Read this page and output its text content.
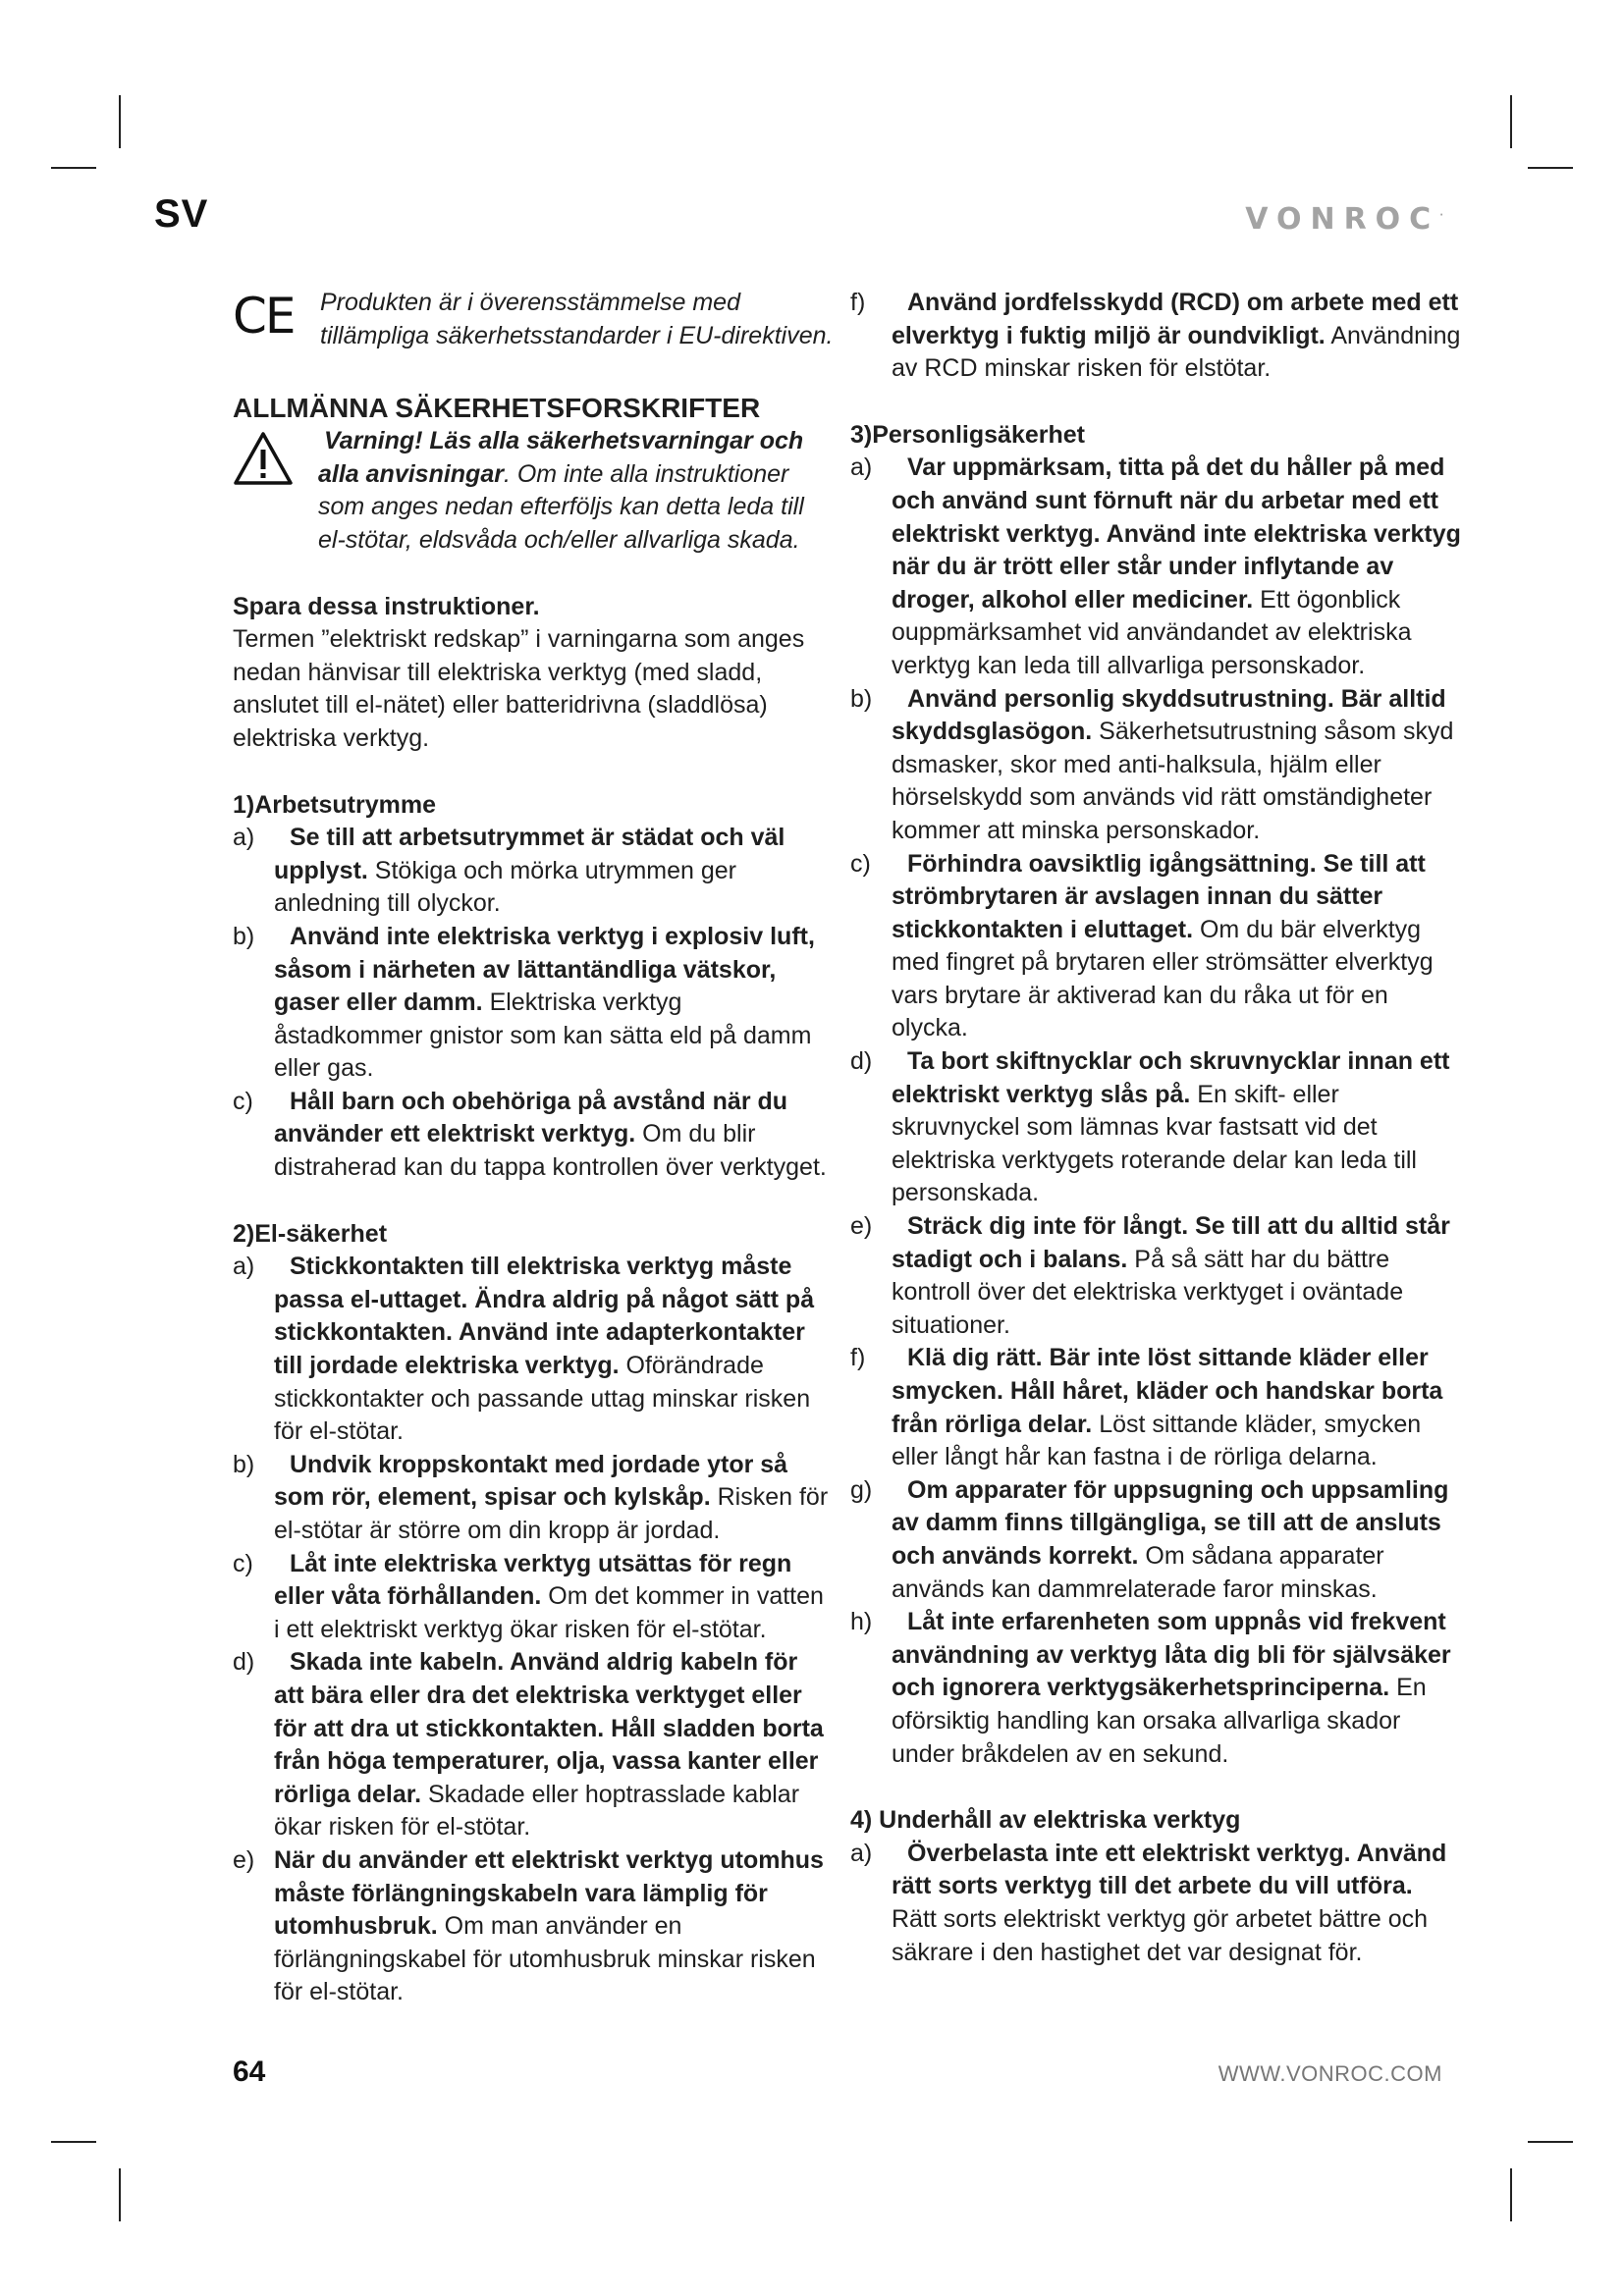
SV	VONROC·
CE Produkten är i överensstämmelse med tillämpliga säkerhetsstandarder i EU-direktiven.
ALLMÄNNA SÄKERHETSFORSKRIFTER
Varning! Läs alla säkerhetsvarningar och alla anvisningar. Om inte alla instruktioner som anges nedan efterföljs kan detta leda till el-stötar, eldsvåda och/eller allvarliga skada.
Spara dessa instruktioner.
Termen ”elektriskt redskap” i varningarna som anges nedan hänvisar till elektriska verktyg (med sladd, anslutet till el-nätet) eller batteridrivna (sladdlösa) elektriska verktyg.
1)Arbetsutrymme
a) Se till att arbetsutrymmet är städat och väl upplyst. Stökiga och mörka utrymmen ger anledning till olyckor.
b) Använd inte elektriska verktyg i explosiv luft, såsom i närheten av lättantändliga vätskor, gaser eller damm. Elektriska verktyg åstadkommer gnistor som kan sätta eld på damm eller gas.
c) Håll barn och obehöriga på avstånd när du använder ett elektriskt verktyg. Om du blir distraherad kan du tappa kontrollen över verktyget.
2)El-säkerhet
a) Stickkontakten till elektriska verktyg måste passa el-uttaget. Ändra aldrig på något sätt på stickkontakten. Använd inte adapterkontakter till jordade elektriska verktyg. Oförändrade stickkontakter och passande uttag minskar risken för el-stötar.
b) Undvik kroppskontakt med jordade ytor så som rör, element, spisar och kylskåp. Risken för el-stötar är större om din kropp är jordad.
c) Låt inte elektriska verktyg utsättas för regn eller våta förhållanden. Om det kommer in vatten i ett elektriskt verktyg ökar risken för el-stötar.
d) Skada inte kabeln. Använd aldrig kabeln för att bära eller dra det elektriska verktyget eller för att dra ut stickkontakten. Håll sladden borta från höga temperaturer, olja, vassa kanter eller rörliga delar. Skadade eller hoptrasslade kablar ökar risken för el-stötar.
e) När du använder ett elektriskt verktyg utomhus måste förlängningskabeln vara lämplig för utomhusbruk. Om man använder en förlängningskabel för utomhusbruk minskar risken för el-stötar.
f) Använd jordfelsskydd (RCD) om arbete med ett elverktyg i fuktig miljö är oundvikligt. Användning av RCD minskar risken för elstötar.
3)Personligsäkerhet
a) Var uppmärksam, titta på det du håller på med och använd sunt förnuft när du arbetar med ett elektriskt verktyg. Använd inte elektriska verktyg när du är trött eller står under inflytande av droger, alkohol eller mediciner. Ett ögonblick ouppmärksamhet vid användandet av elektriska verktyg kan leda till allvarliga personskador.
b) Använd personlig skyddsutrustning. Bär alltid skyddsglasögon. Säkerhetsutrustning såsom skyd dsmasker, skor med anti-halksula, hjälm eller hörselskydd som används vid rätt omständigheter kommer att minska personskador.
c) Förhindra oavsiktlig igångsättning. Se till att strömbrytaren är avslagen innan du sätter stickkontakten i eluttaget. Om du bär elverktyg med fingret på brytaren eller strömsätter elverktyg vars brytare är aktiverad kan du råka ut för en olycka.
d) Ta bort skiftnycklar och skruvnycklar innan ett elektriskt verktyg slås på. En skift- eller skruvnyckel som lämnas kvar fastsatt vid det elektriska verktygets roterande delar kan leda till personskada.
e) Sträck dig inte för långt. Se till att du alltid står stadigt och i balans. På så sätt har du bättre kontroll över det elektriska verktyget i oväntade situationer.
f) Klä dig rätt. Bär inte löst sittande kläder eller smycken. Håll håret, kläder och handskar borta från rörliga delar. Löst sittande kläder, smycken eller långt hår kan fastna i de rörliga delarna.
g) Om apparater för uppsugning och uppsamling av damm finns tillgängliga, se till att de ansluts och används korrekt. Om sådana apparater används kan dammrelaterade faror minskas.
h) Låt inte erfarenheten som uppnås vid frekvent användning av verktyg låta dig bli för självsäker och ignorera verktygsäkerhetsprinciperna. En oförsiktig handling kan orsaka allvarliga skador under bråkdelen av en sekund.
4) Underhåll av elektriska verktyg
a) Överbelasta inte ett elektriskt verktyg. Använd rätt sorts verktyg till det arbete du vill utföra. Rätt sorts elektriskt verktyg gör arbetet bättre och säkrare i den hastighet det var designat för.
64	WWW.VONROC.COM
